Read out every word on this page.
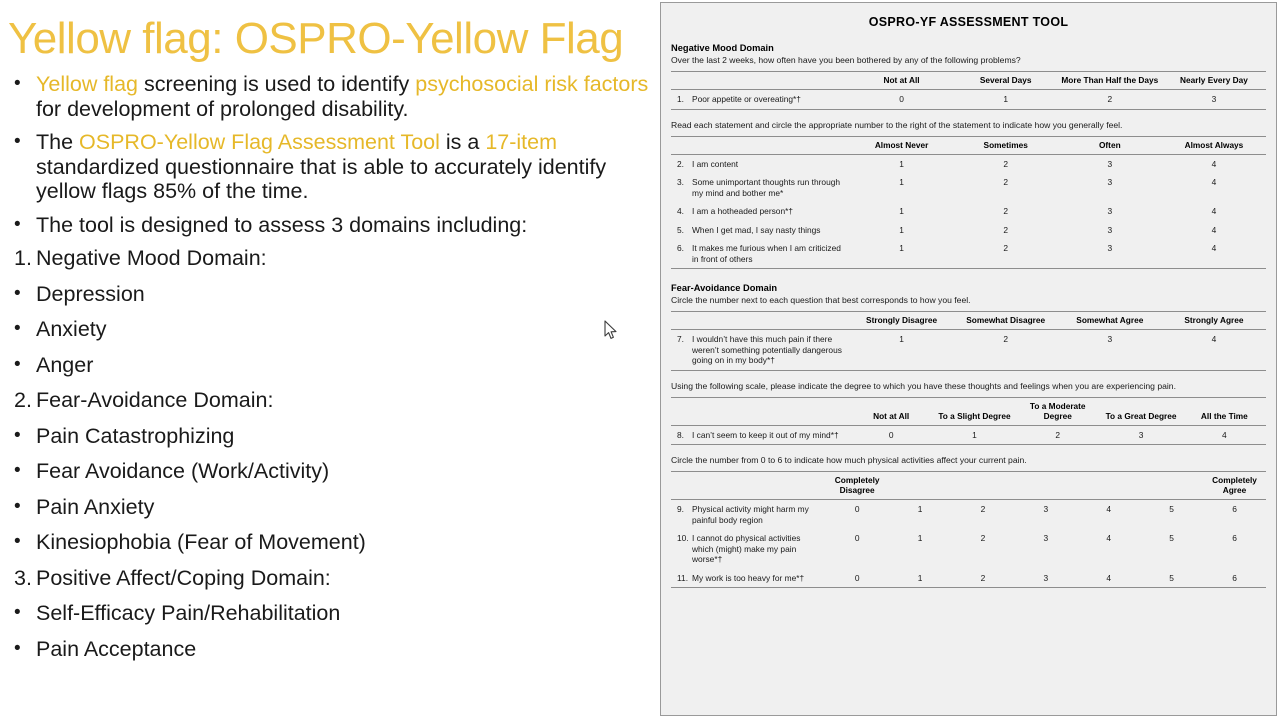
Yellow flag: OSPRO-Yellow Flag
• Yellow flag screening is used to identify psychosocial risk factors for development of prolonged disability.
• The OSPRO-Yellow Flag Assessment Tool is a 17-item standardized questionnaire that is able to accurately identify yellow flags 85% of the time.
• The tool is designed to assess 3 domains including:
1. Negative Mood Domain:
• Depression
• Anxiety
• Anger
2. Fear-Avoidance Domain:
• Pain Catastrophizing
• Fear Avoidance (Work/Activity)
• Pain Anxiety
• Kinesiophobia (Fear of Movement)
3. Positive Affect/Coping Domain:
• Self-Efficacy Pain/Rehabilitation
• Pain Acceptance
OSPRO-YF ASSESSMENT TOOL
Negative Mood Domain
Over the last 2 weeks, how often have you been bothered by any of the following problems?
	Not at All	Several Days	More Than Half the Days	Nearly Every Day
1. Poor appetite or overeating*†	0	1	2	3
Read each statement and circle the appropriate number to the right of the statement to indicate how you generally feel.
	Almost Never	Sometimes	Often	Almost Always
2. I am content	1	2	3	4
3. Some unimportant thoughts run through my mind and bother me*	1	2	3	4
4. I am a hotheaded person*†	1	2	3	4
5. When I get mad, I say nasty things	1	2	3	4
6. It makes me furious when I am criticized in front of others	1	2	3	4
Fear-Avoidance Domain
Circle the number next to each question that best corresponds to how you feel.
	Strongly Disagree	Somewhat Disagree	Somewhat Agree	Strongly Agree
7. I wouldn’t have this much pain if there weren’t something potentially dangerous going on in my body*†	1	2	3	4
Using the following scale, please indicate the degree to which you have these thoughts and feelings when you are experiencing pain.
	Not at All	To a Slight Degree	To a Moderate Degree	To a Great Degree	All the Time
8. I can’t seem to keep it out of my mind*†	0	1	2	3	4
Circle the number from 0 to 6 to indicate how much physical activities affect your current pain.
	Completely Disagree						Completely Agree
9. Physical activity might harm my painful body region	0	1	2	3	4	5	6
10. I cannot do physical activities which (might) make my pain worse*†	0	1	2	3	4	5	6
11. My work is too heavy for me*†	0	1	2	3	4	5	6
